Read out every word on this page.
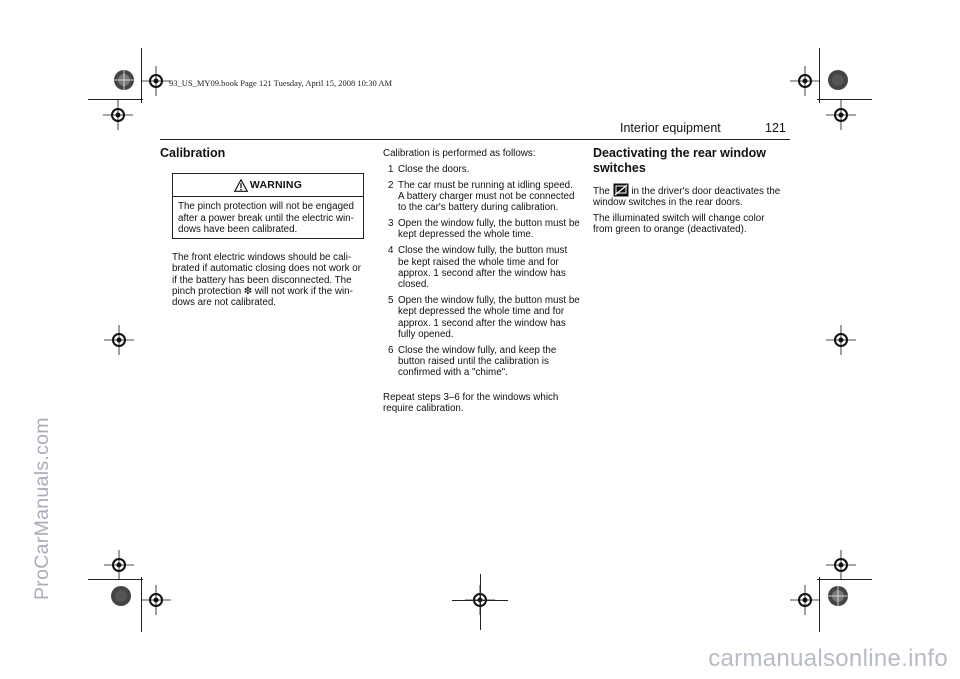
93_US_MY09.book Page 121 Tuesday, April 15, 2008 10:30 AM
Interior equipment	121
Calibration
WARNING
The pinch protection will not be engaged after a power break until the electric win-dows have been calibrated.
The front electric windows should be cali-brated if automatic closing does not work or if the battery has been disconnected. The pinch protection ❇ will not work if the win-dows are not calibrated.
Calibration is performed as follows:
1 Close the doors.
2 The car must be running at idling speed. A battery charger must not be connected to the car's battery during calibration.
3 Open the window fully, the button must be kept depressed the whole time.
4 Close the window fully, the button must be kept raised the whole time and for approx. 1 second after the window has closed.
5 Open the window fully, the button must be kept depressed the whole time and for approx. 1 second after the window has fully opened.
6 Close the window fully, and keep the button raised until the calibration is confirmed with a "chime".
Repeat steps 3–6 for the windows which require calibration.
Deactivating the rear window switches
The  in the driver's door deactivates the window switches in the rear doors.
The illuminated switch will change color from green to orange (deactivated).
ProCarManuals.com
carmanualsonline.info
